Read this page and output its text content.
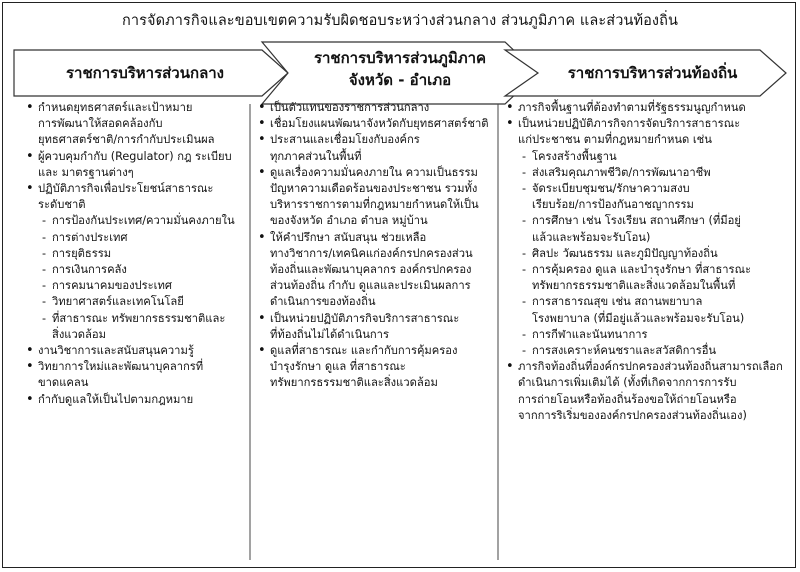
การจัดภารกิจและขอบเขตความรับผิดชอบระหว่างส่วนกลาง ส่วนภูมิภาค และส่วนท้องถิ่น
ราชการบริหารส่วนกลาง
ราชการบริหารส่วนภูมิภาค
จังหวัด - อำเภอ	ราชการบริหารส่วนท้องถิ่น
• กำหนดยุทธศาสตร์และเป้าหมาย
การพัฒนาให้สอดคล้องกับ
ยุทธศาสตร์ชาติ/การกำกับประเมินผล
• ผู้ควบคุมกำกับ (Regulator) กฎ ระเบียบ
และ มาตรฐานต่างๆ
• ปฏิบัติภารกิจเพื่อประโยชน์สาธารณะ
ระดับชาติ
- การป้องกันประเทศ/ความมั่นคงภายใน
- การต่างประเทศ
- การยุติธรรม
- การเงินการคลัง
- การคมนาคมของประเทศ
- วิทยาศาสตร์และเทคโนโลยี
- ที่สาธารณะ ทรัพยากรธรรมชาติและ
สิ่งแวดล้อม
• งานวิชาการและสนับสนุนความรู้
• วิทยาการใหม่และพัฒนาบุคลากรที่
ขาดแคลน
• กำกับดูแลให้เป็นไปตามกฎหมาย
• เป็นตัวแทนของราชการส่วนกลาง
• เชื่อมโยงแผนพัฒนาจังหวัดกับยุทธศาสตร์ชาติ
• ประสานและเชื่อมโยงกับองค์กร
ทุกภาคส่วนในพื้นที่
• ดูแลเรื่องความมั่นคงภายใน ความเป็นธรรม
ปัญหาความเดือดร้อนของประชาชน รวมทั้ง
บริหารราชการตามที่กฎหมายกำหนดให้เป็น
ของจังหวัด อำเภอ ตำบล หมู่บ้าน
• ให้คำปรึกษา สนับสนุน ช่วยเหลือ
ทางวิชาการ/เทคนิคแก่องค์กรปกครองส่วน
ท้องถิ่นและพัฒนาบุคลากร องค์กรปกครอง
ส่วนท้องถิ่น กำกับ ดูแลและประเมินผลการ
ดำเนินการของท้องถิ่น
• เป็นหน่วยปฏิบัติภารกิจบริการสาธารณะ
ที่ท้องถิ่นไม่ได้ดำเนินการ
• ดูแลที่สาธารณะ และกำกับการคุ้มครอง
บำรุงรักษา ดูแล ที่สาธารณะ
ทรัพยากรธรรมชาติและสิ่งแวดล้อม
• ภารกิจพื้นฐานที่ต้องทำตามที่รัฐธรรมนูญกำหนด
• เป็นหน่วยปฏิบัติภารกิจการจัดบริการสาธารณะ
แก่ประชาชน ตามที่กฎหมายกำหนด เช่น
- โครงสร้างพื้นฐาน
- ส่งเสริมคุณภาพชีวิต/การพัฒนาอาชีพ
- จัดระเบียบชุมชน/รักษาความสงบ
เรียบร้อย/การป้องกันอาชญากรรม
- การศึกษา เช่น โรงเรียน สถานศึกษา (ที่มีอยู่
แล้วและพร้อมจะรับโอน)
- ศิลปะ วัฒนธรรม และภูมิปัญญาท้องถิ่น
- การคุ้มครอง ดูแล และบำรุงรักษา ที่สาธารณะ
ทรัพยากรธรรมชาติและสิ่งแวดล้อมในพื้นที่
- การสาธารณสุข เช่น สถานพยาบาล
โรงพยาบาล (ที่มีอยู่แล้วและพร้อมจะรับโอน)
- การกีฬาและนันทนาการ
- การสงเคราะห์คนชราและสวัสดิการอื่น
• ภารกิจท้องถิ่นที่องค์กรปกครองส่วนท้องถิ่นสามารถเลือก
ดำเนินการเพิ่มเติมได้ (ทั้งที่เกิดจากการการรับ
การถ่ายโอนหรือท้องถิ่นร้องขอให้ถ่ายโอนหรือ
จากการริเริ่มขององค์กรปกครองส่วนท้องถิ่นเอง)
